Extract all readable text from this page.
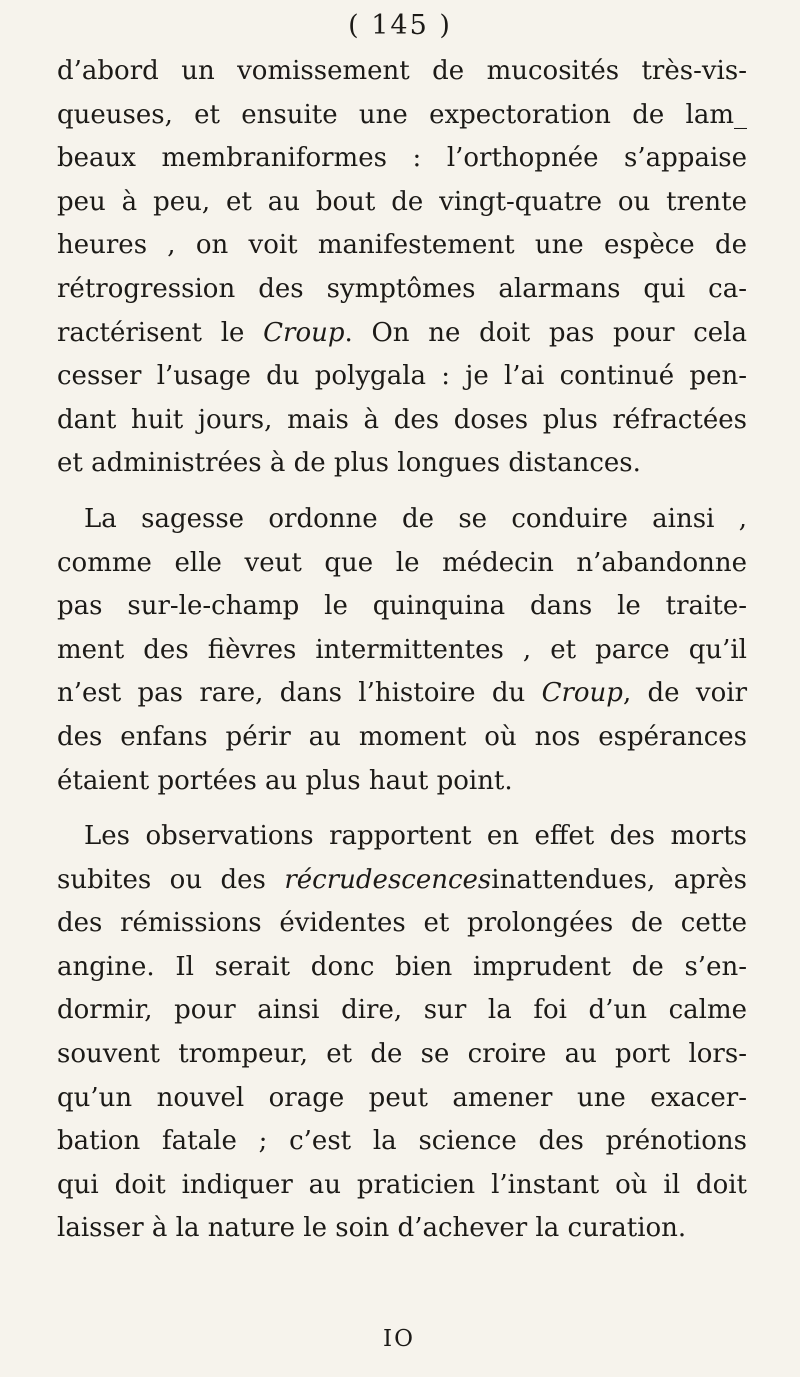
( 145 )
d’abord un vomissement de mucosités très-vis-
queuses, et ensuite une expectoration de lam_
beaux membraniformes : l’orthopnée s’appaise
peu à peu, et au bout de vingt-quatre ou trente
heures , on voit manifestement une espèce de
rétrogression des symptômes alarmans qui ca-
ractérisent le Croup. On ne doit pas pour cela
cesser l’usage du polygala : je l’ai continué pen-
dant huit jours, mais à des doses plus réfractées
et administrées à de plus longues distances.
La sagesse ordonne de se conduire ainsi ,
comme elle veut que le médecin n’abandonne
pas sur-le-champ le quinquina dans le traite-
ment des fièvres intermittentes , et parce qu’il
n’est pas rare, dans l’histoire du Croup, de voir
des enfans périr au moment où nos espérances
étaient portées au plus haut point.
Les observations rapportent en effet des morts
subites ou des récrudescencesinattendues, après
des rémissions évidentes et prolongées de cette
angine. Il serait donc bien imprudent de s’en-
dormir, pour ainsi dire, sur la foi d’un calme
souvent trompeur, et de se croire au port lors-
qu’un nouvel orage peut amener une exacer-
bation fatale ; c’est la science des prénotions
qui doit indiquer au praticien l’instant où il doit
laisser à la nature le soin d’achever la curation.
IO
